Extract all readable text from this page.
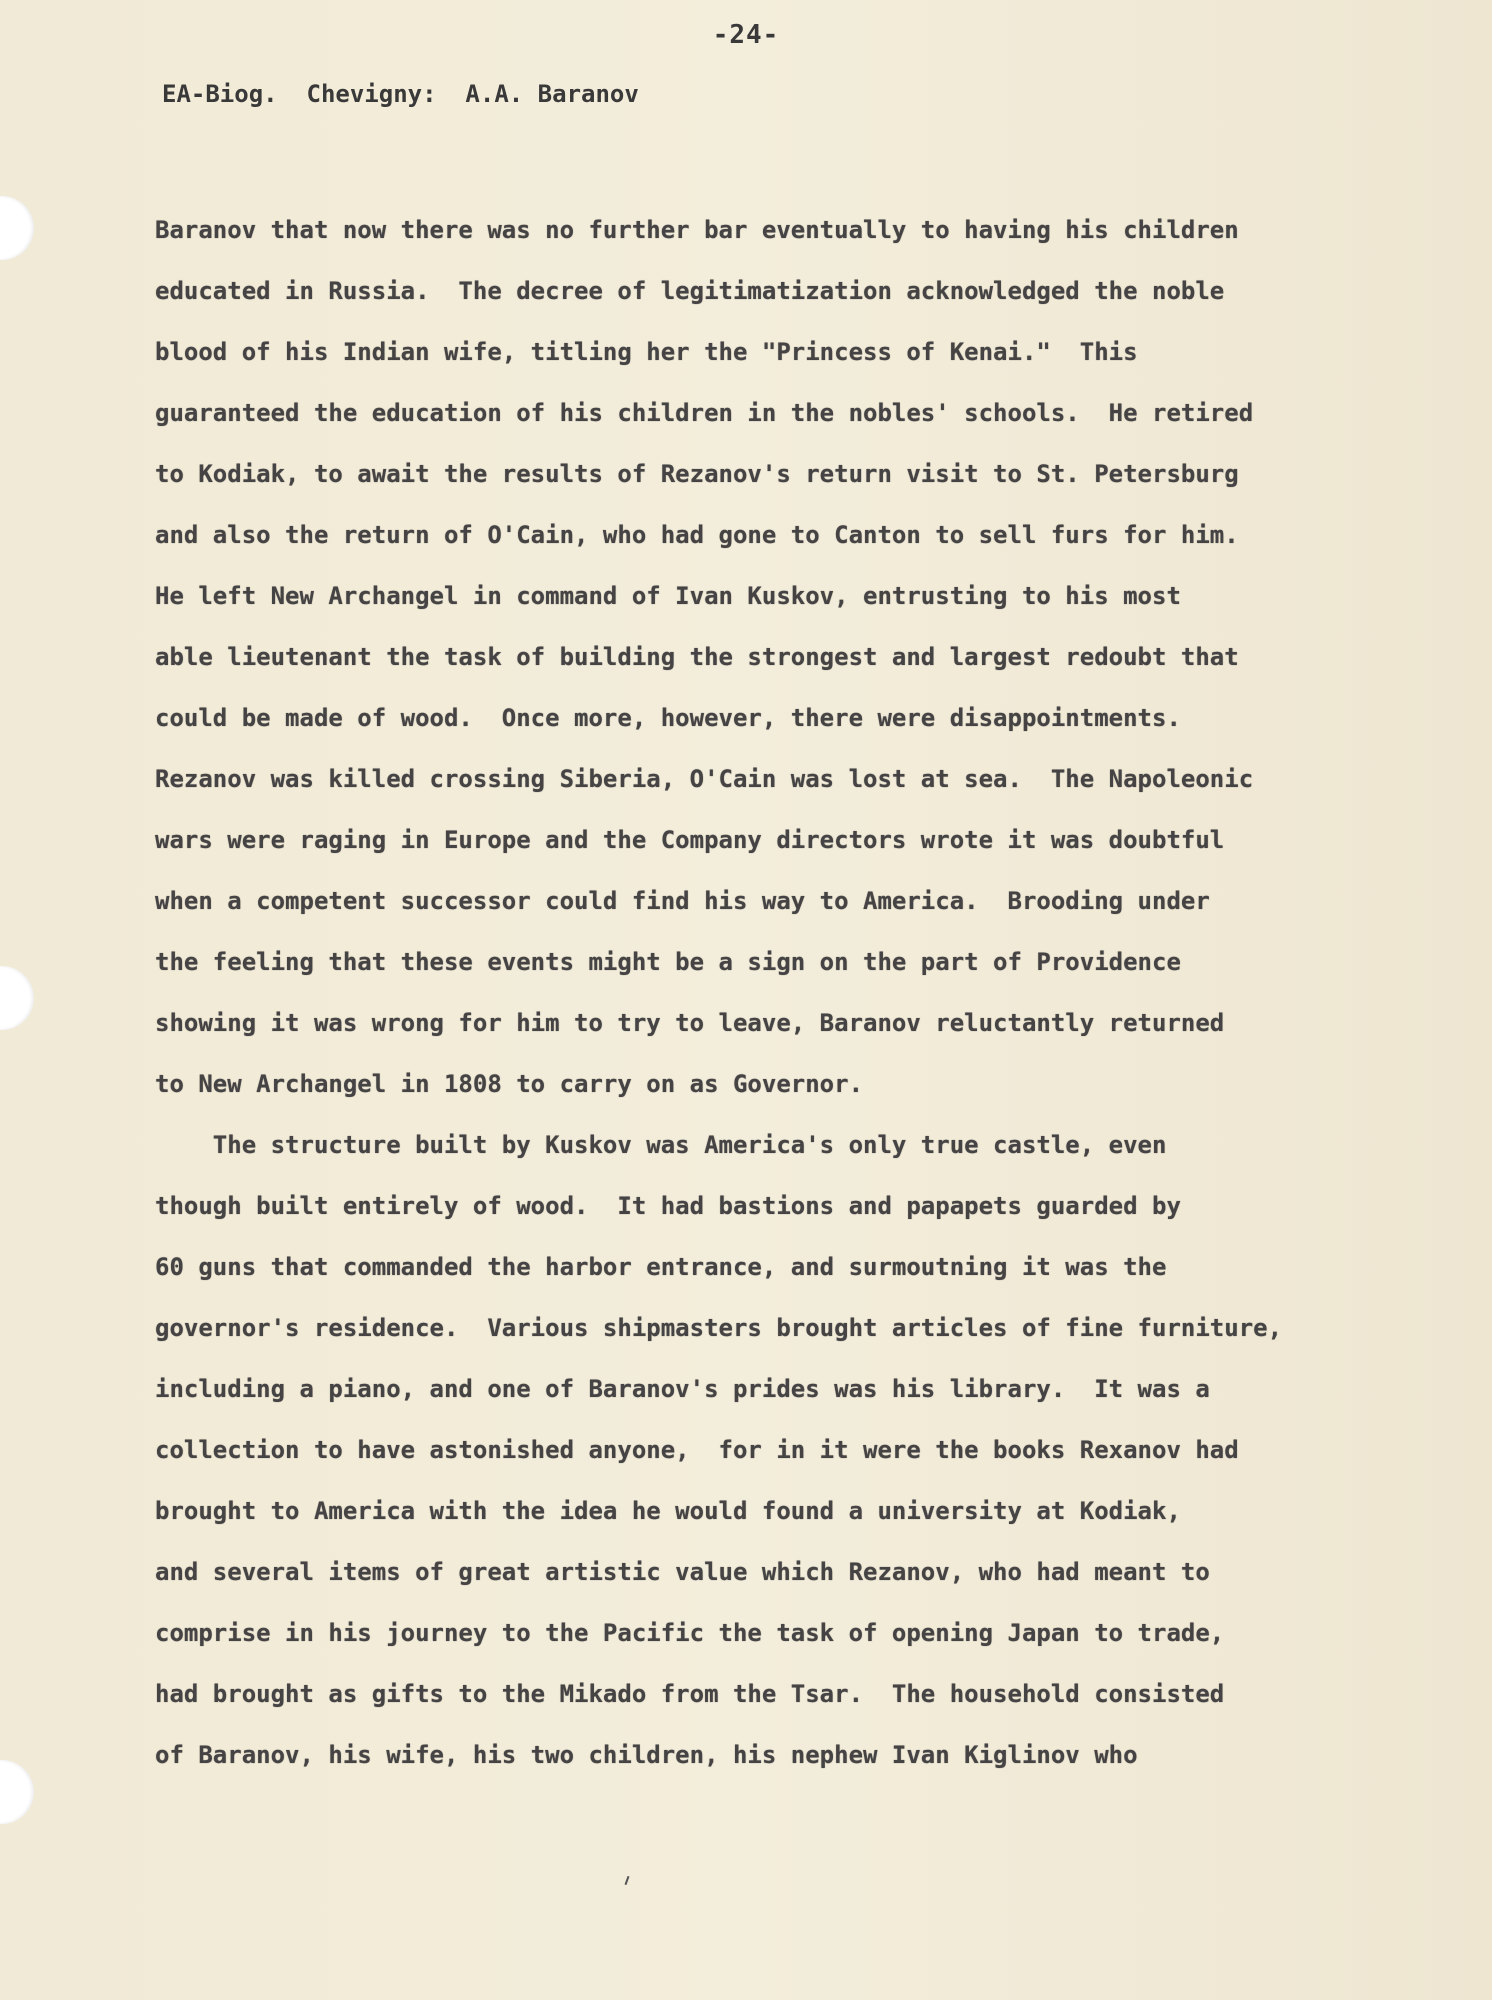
-24-
EA-Biog.  Chevigny:  A.A. Baranov
Baranov that now there was no further bar eventually to having his children
educated in Russia.  The decree of legitimatization acknowledged the noble
blood of his Indian wife, titling her the "Princess of Kenai."  This
guaranteed the education of his children in the nobles' schools.  He retired
to Kodiak, to await the results of Rezanov's return visit to St. Petersburg
and also the return of O'Cain, who had gone to Canton to sell furs for him.
He left New Archangel in command of Ivan Kuskov, entrusting to his most
able lieutenant the task of building the strongest and largest redoubt that
could be made of wood.  Once more, however, there were disappointments.
Rezanov was killed crossing Siberia, O'Cain was lost at sea.  The Napoleonic
wars were raging in Europe and the Company directors wrote it was doubtful
when a competent successor could find his way to America.  Brooding under
the feeling that these events might be a sign on the part of Providence
showing it was wrong for him to try to leave, Baranov reluctantly returned
to New Archangel in 1808 to carry on as Governor.
The structure built by Kuskov was America's only true castle, even
though built entirely of wood.  It had bastions and papapets guarded by
60 guns that commanded the harbor entrance, and surmoutning it was the
governor's residence.  Various shipmasters brought articles of fine furniture,
including a piano, and one of Baranov's prides was his library.  It was a
collection to have astonished anyone,  for in it were the books Rexanov had
brought to America with the idea he would found a university at Kodiak,
and several items of great artistic value which Rezanov, who had meant to
comprise in his journey to the Pacific the task of opening Japan to trade,
had brought as gifts to the Mikado from the Tsar.  The household consisted
of Baranov, his wife, his two children, his nephew Ivan Kiglinov who
